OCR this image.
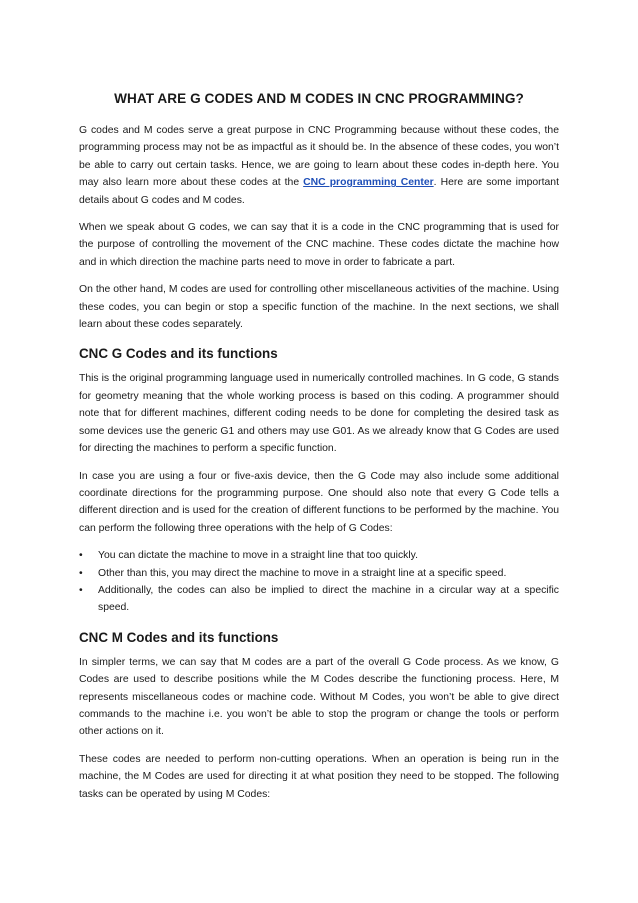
WHAT ARE G CODES AND M CODES IN CNC PROGRAMMING?

G codes and M codes serve a great purpose in CNC Programming because without these codes, the programming process may not be as impactful as it should be. In the absence of these codes, you won’t be able to carry out certain tasks. Hence, we are going to learn about these codes in-depth here. You may also learn more about these codes at the CNC programming Center. Here are some important details about G codes and M codes.

When we speak about G codes, we can say that it is a code in the CNC programming that is used for the purpose of controlling the movement of the CNC machine. These codes dictate the machine how and in which direction the machine parts need to move in order to fabricate a part.

On the other hand, M codes are used for controlling other miscellaneous activities of the machine. Using these codes, you can begin or stop a specific function of the machine. In the next sections, we shall learn about these codes separately.

CNC G Codes and its functions

This is the original programming language used in numerically controlled machines. In G code, G stands for geometry meaning that the whole working process is based on this coding. A programmer should note that for different machines, different coding needs to be done for completing the desired task as some devices use the generic G1 and others may use G01. As we already know that G Codes are used for directing the machines to perform a specific function.

In case you are using a four or five-axis device, then the G Code may also include some additional coordinate directions for the programming purpose. One should also note that every G Code tells a different direction and is used for the creation of different functions to be performed by the machine. You can perform the following three operations with the help of G Codes:

• You can dictate the machine to move in a straight line that too quickly.
• Other than this, you may direct the machine to move in a straight line at a specific speed.
• Additionally, the codes can also be implied to direct the machine in a circular way at a specific speed.
CNC M Codes and its functions

In simpler terms, we can say that M codes are a part of the overall G Code process. As we know, G Codes are used to describe positions while the M Codes describe the functioning process. Here, M represents miscellaneous codes or machine code. Without M Codes, you won’t be able to give direct commands to the machine i.e. you won’t be able to stop the program or change the tools or perform other actions on it.

These codes are needed to perform non-cutting operations. When an operation is being run in the machine, the M Codes are used for directing it at what position they need to be stopped. The following tasks can be operated by using M Codes:
